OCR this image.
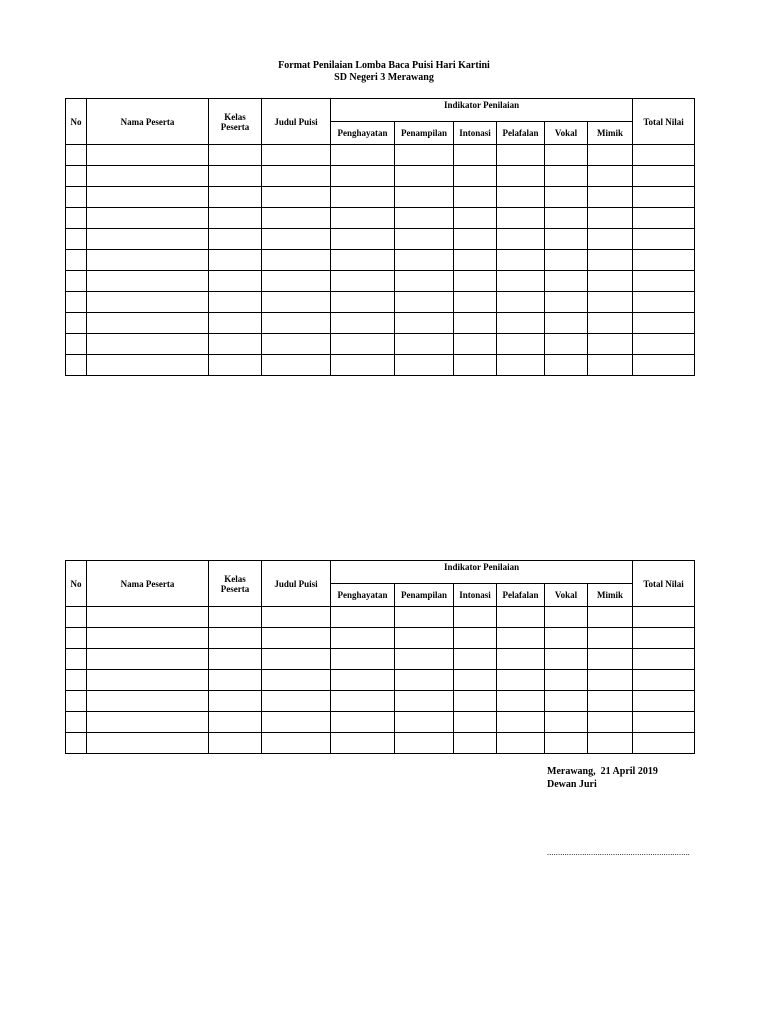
Format Penilaian Lomba Baca Puisi Hari Kartini
SD Negeri 3 Merawang
No	Nama Peserta	Kelas Peserta	Judul Puisi	Indikator Penilaian						Total Nilai
				Penghayatan	Penampilan	Intonasi	Pelafalan	Vokal	Mimik	

No	Nama Peserta	Kelas Peserta	Judul Puisi	Indikator Penilaian						Total Nilai
				Penghayatan	Penampilan	Intonasi	Pelafalan	Vokal	Mimik	

Merawang,  21 April 2019
Dewan Juri
.................................................................
